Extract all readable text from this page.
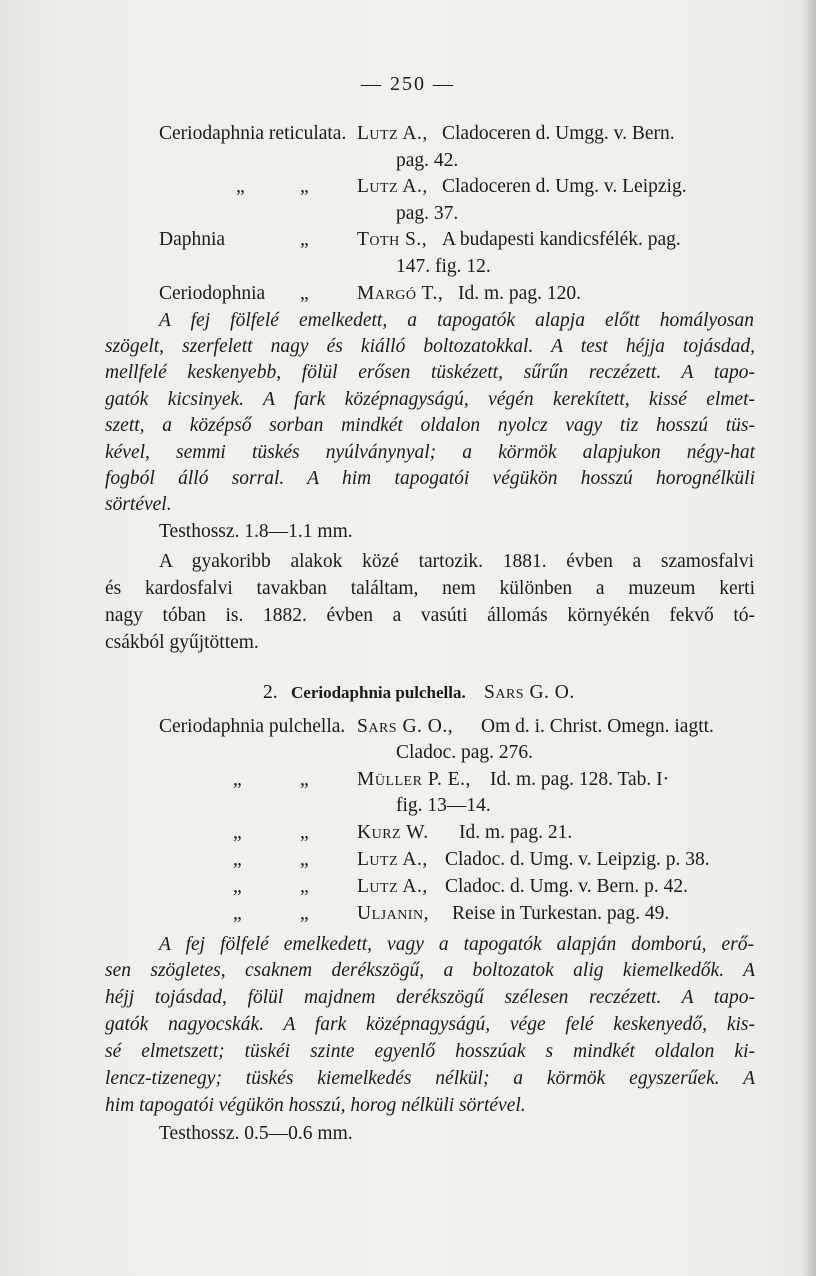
— 250 —
Ceriodaphnia reticulata. Lutz A., Cladoceren d. Umgg. v. Bern.
pag. 42.
„	„ Lutz A., Cladoceren d. Umg. v. Leipzig.
pag. 37.
Daphnia	„ Toth S., A budapesti kandicsfélék. pag.
147. fig. 12.
Ceriodophnia „ Margó T., Id. m. pag. 120.
A fej fölfelé emelkedett, a tapogatók alapja előtt homályosan
szögelt, szerfelett nagy és kiálló boltozatokkal. A test héjja tojásdad,
mellfelé keskenyebb, fölül erősen tüskézett, sűrűn reczézett. A tapo-
gatók kicsinyek. A fark középnagyságú, végén kerekített, kissé elmet-
szett, a középső sorban mindkét oldalon nyolcz vagy tiz hosszú tüs-
kével, semmi tüskés nyúlványnyal; a körmök alapjukon négy-hat
fogból álló sorral. A him tapogatói végükön hosszú horognélküli
sörtével.
Testhossz. 1.8—1.1 mm.
A gyakoribb alakok közé tartozik. 1881. évben a szamosfalvi
és kardosfalvi tavakban találtam, nem különben a muzeum kerti
nagy tóban is. 1882. évben a vasúti állomás környékén fekvő tó-
csákból gyűjtöttem.
2. Ceriodaphnia pulchella. Sars G. O.
Ceriodaphnia pulchella. Sars G. O., Om d. i. Christ. Omegn. iagtt.
Cladoc. pag. 276.
„	„ Müller P. E., Id. m. pag. 128. Tab. I·
fig. 13—14.
„	„ Kurz W. Id. m. pag. 21.
„	„ Lutz A., Cladoc. d. Umg. v. Leipzig. p. 38.
„	„ Lutz A., Cladoc. d. Umg. v. Bern. p. 42.
„	„ Uljanin, Reise in Turkestan. pag. 49.
A fej fölfelé emelkedett, vagy a tapogatók alapján domború, erő-
sen szögletes, csaknem derékszögű, a boltozatok alig kiemelkedők. A
héjj tojásdad, fölül majdnem derékszögű szélesen reczézett. A tapo-
gatók nagyocskák. A fark középnagyságú, vége felé keskenyedő, kis-
sé elmetszett; tüskéi szinte egyenlő hosszúak s mindkét oldalon ki-
lencz-tizenegy; tüskés kiemelkedés nélkül; a körmök egyszerűek. A
him tapogatói végükön hosszú, horog nélküli sörtével.
Testhossz. 0.5—0.6 mm.
